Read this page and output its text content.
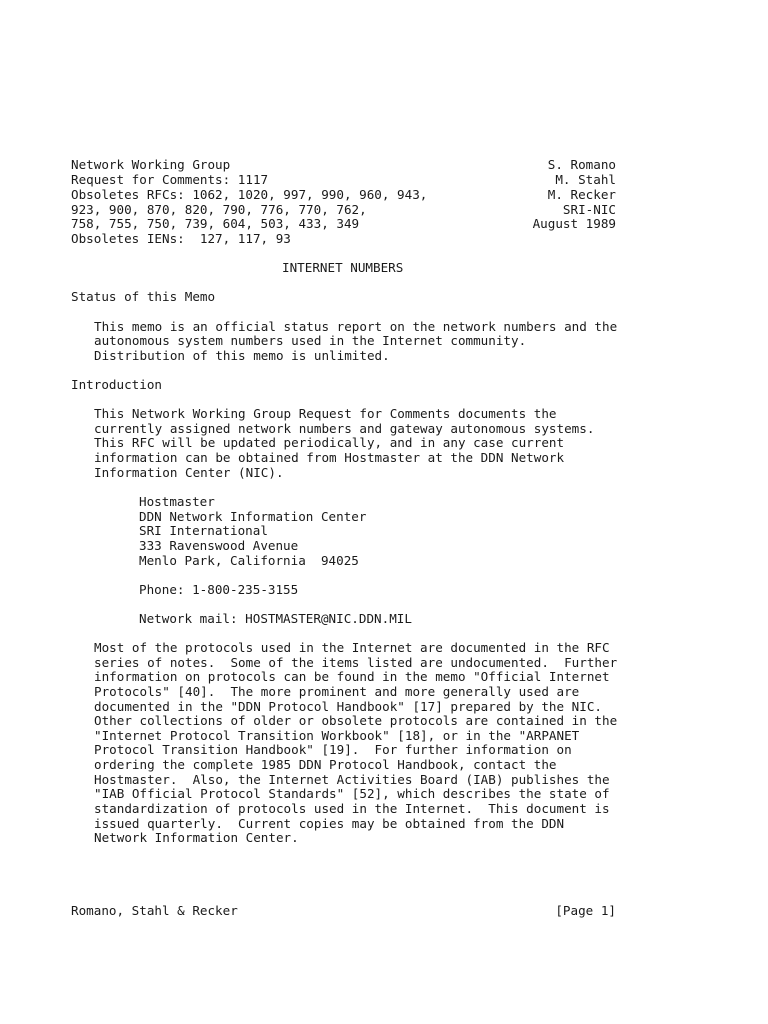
Network Working Group
Request for Comments: 1117
Obsoletes RFCs: 1062, 1020, 997, 990, 960, 943,
923, 900, 870, 820, 790, 776, 770, 762,
758, 755, 750, 739, 604, 503, 433, 349
Obsoletes IENs:  127, 117, 93
S. Romano
M. Stahl
M. Recker
SRI-NIC
August 1989
INTERNET NUMBERS
Status of this Memo
This memo is an official status report on the network numbers and the
autonomous system numbers used in the Internet community.
Distribution of this memo is unlimited.
Introduction
This Network Working Group Request for Comments documents the
currently assigned network numbers and gateway autonomous systems.
This RFC will be updated periodically, and in any case current
information can be obtained from Hostmaster at the DDN Network
Information Center (NIC).
Hostmaster
DDN Network Information Center
SRI International
333 Ravenswood Avenue
Menlo Park, California  94025
Phone: 1-800-235-3155
Network mail: HOSTMASTER@NIC.DDN.MIL
Most of the protocols used in the Internet are documented in the RFC
series of notes.  Some of the items listed are undocumented.  Further
information on protocols can be found in the memo "Official Internet
Protocols" [40].  The more prominent and more generally used are
documented in the "DDN Protocol Handbook" [17] prepared by the NIC.
Other collections of older or obsolete protocols are contained in the
"Internet Protocol Transition Workbook" [18], or in the "ARPANET
Protocol Transition Handbook" [19].  For further information on
ordering the complete 1985 DDN Protocol Handbook, contact the
Hostmaster.  Also, the Internet Activities Board (IAB) publishes the
"IAB Official Protocol Standards" [52], which describes the state of
standardization of protocols used in the Internet.  This document is
issued quarterly.  Current copies may be obtained from the DDN
Network Information Center.
Romano, Stahl & Recker	[Page 1]
